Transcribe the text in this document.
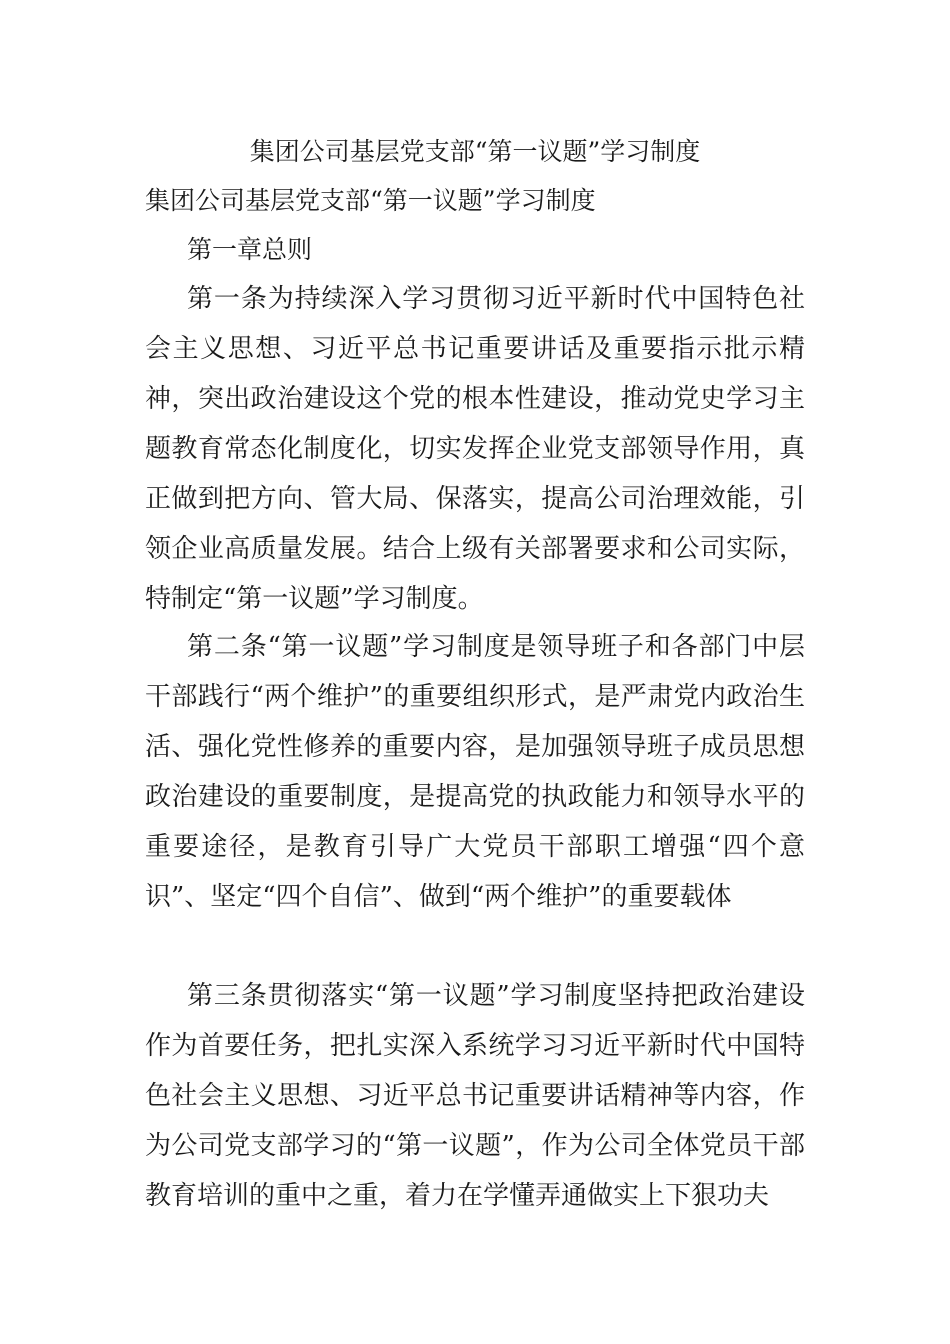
集团公司基层党支部“第一议题”学习制度
集团公司基层党支部“第一议题”学习制度
第一章总则

第一条为持续深入学习贯彻习近平新时代中国特色社会主义思想、习近平总书记重要讲话及重要指示批示精神，突出政治建设这个党的根本性建设，推动党史学习主题教育常态化制度化，切实发挥企业党支部领导作用，真正做到把方向、管大局、保落实，提高公司治理效能，引领企业高质量发展。结合上级有关部署要求和公司实际，特制定“第一议题”学习制度。

第二条“第一议题”学习制度是领导班子和各部门中层干部践行“两个维护”的重要组织形式，是严肃党内政治生活、强化党性修养的重要内容，是加强领导班子成员思想政治建设的重要制度，是提高党的执政能力和领导水平的重要途径，是教育引导广大党员干部职工增强“四个意识”、坚定“四个自信”、做到“两个维护”的重要载体

第三条贯彻落实“第一议题”学习制度坚持把政治建设作为首要任务，把扎实深入系统学习习近平新时代中国特色社会主义思想、习近平总书记重要讲话精神等内容，作为公司党支部学习的“第一议题”，作为公司全体党员干部教育培训的重中之重，着力在学懂弄通做实上下狠功夫
